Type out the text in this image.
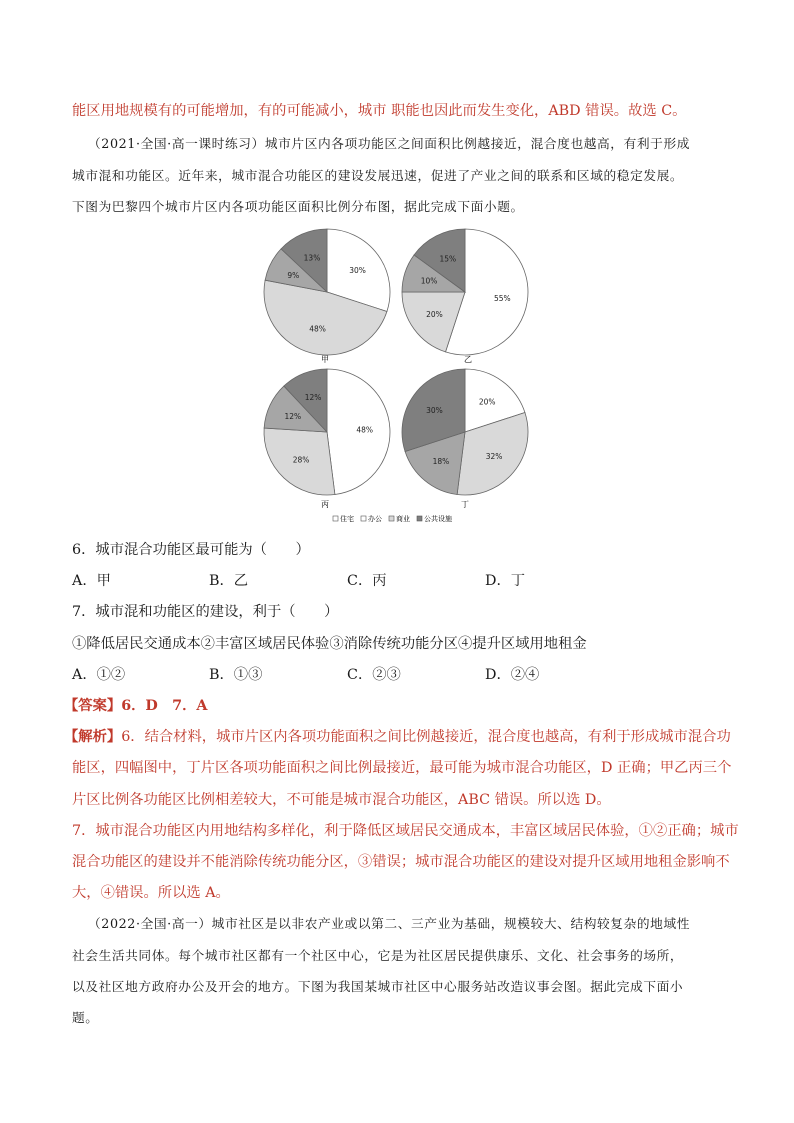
能区用地规模有的可能增加，有的可能减小，城市 职能也因此而发生变化，ABD 错误。故选 C。
（2021·全国·高一课时练习）城市片区内各项功能区之间面积比例越接近，混合度也越高，有利于形成
城市混和功能区。近年来，城市混合功能区的建设发展迅速，促进了产业之间的联系和区域的稳定发展。
下图为巴黎四个城市片区内各项功能区面积比例分布图，据此完成下面小题。
30%
48%
9%
13%
55%
20%
10%
15%
48%
28%
12%
12%	20%
32%
18%
30%
甲	乙
丙	丁
住宅 办公 商业 公共设施
6．城市混合功能区最可能为（　　）
A．甲	B．乙	C．丙	D．丁
7．城市混和功能区的建设，利于（　　）
①降低居民交通成本②丰富区域居民体验③消除传统功能分区④提升区域用地租金
A．①②	B．①③	C．②③	D．②④
【答案】6．D　7．A
【解析】6．结合材料，城市片区内各项功能面积之间比例越接近，混合度也越高，有利于形成城市混合功
能区，四幅图中，丁片区各项功能面积之间比例最接近，最可能为城市混合功能区，D 正确；甲乙丙三个
片区比例各功能区比例相差较大，不可能是城市混合功能区，ABC 错误。所以选 D。
7．城市混合功能区内用地结构多样化，利于降低区域居民交通成本，丰富区域居民体验，①②正确；城市
混合功能区的建设并不能消除传统功能分区，③错误；城市混合功能区的建设对提升区域用地租金影响不
大，④错误。所以选 A。
（2022·全国·高一）城市社区是以非农产业或以第二、三产业为基础，规模较大、结构较复杂的地域性
社会生活共同体。每个城市社区都有一个社区中心，它是为社区居民提供康乐、文化、社会事务的场所，
以及社区地方政府办公及开会的地方。下图为我国某城市社区中心服务站改造议事会图。据此完成下面小
题。
